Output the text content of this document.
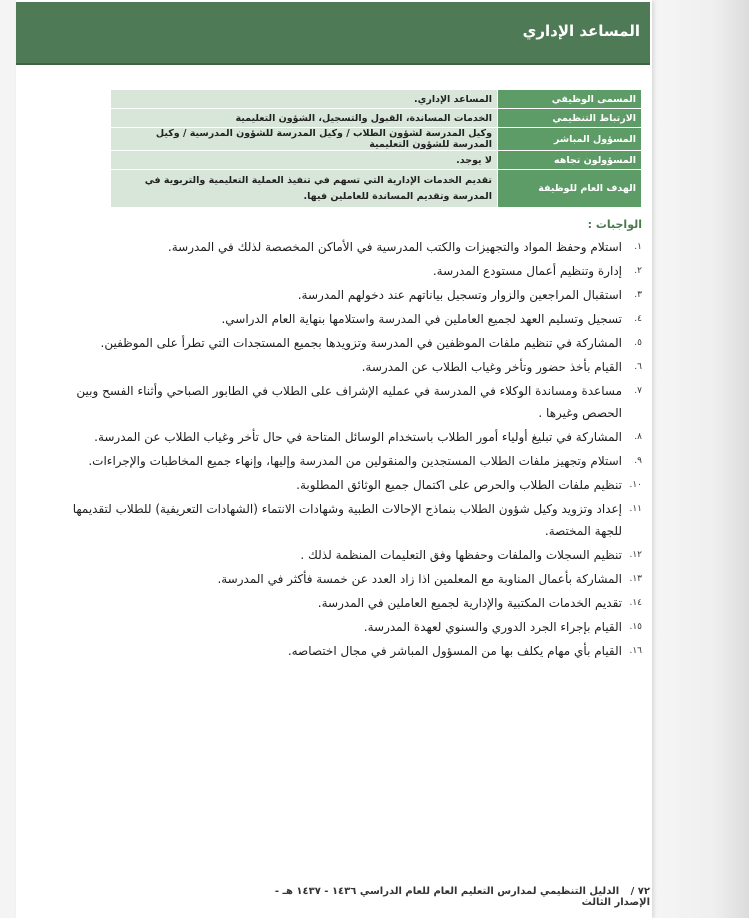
المساعد الإداري
المسمى الوظيفي	المساعد الإداري.
الارتباط التنظيمي	الخدمات المساندة، القبول والتسجيل، الشؤون التعليمية
المسؤول المباشر	وكيل المدرسة لشؤون الطلاب / وكيل المدرسة للشؤون المدرسية / وكيل المدرسة للشؤون التعليمية
المسؤولون تجاهه	لا يوجد.
الهدف العام للوظيفة	تقديم الخدمات الإدارية التي تسهم في تنفيذ العملية التعليمية والتربوية في المدرسة وتقديم المساندة للعاملين فيها.
الواجبات :
١.
استلام وحفظ المواد والتجهيزات والكتب المدرسية في الأماكن المخصصة لذلك في المدرسة.
٢.
إدارة وتنظيم أعمال مستودع المدرسة.
٣.
استقبال المراجعين والزوار وتسجيل بياناتهم عند دخولهم المدرسة.
٤.
تسجيل وتسليم العهد لجميع العاملين في المدرسة واستلامها بنهاية العام الدراسي.
٥.
المشاركة في تنظيم ملفات الموظفين في المدرسة وتزويدها بجميع المستجدات التي تطرأ على الموظفين.
٦.
القيام بأخذ حضور وتأخر وغياب الطلاب عن المدرسة.
٧.
مساعدة ومساندة الوكلاء في المدرسة في عمليه الإشراف على الطلاب في الطابور الصباحي وأثناء الفسح وبين الحصص وغيرها .
٨.
المشاركة في تبليغ أولياء أمور الطلاب باستخدام الوسائل المتاحة في حال تأخر وغياب الطلاب عن المدرسة.
٩.
استلام وتجهيز ملفات الطلاب المستجدين والمنقولين من المدرسة وإليها، وإنهاء جميع المخاطبات والإجراءات.
١٠.
تنظيم ملفات الطلاب والحرص على اكتمال جميع الوثائق المطلوبة.
١١.
إعداد وتزويد وكيل شؤون الطلاب بنماذج الإحالات الطبية وشهادات الانتماء (الشهادات التعريفية) للطلاب لتقديمها للجهة المختصة.
١٢.
تنظيم السجلات والملفات وحفظها وفق التعليمات المنظمة لذلك .
١٣.
المشاركة بأعمال المناوبة مع المعلمين اذا زاد العدد عن خمسة فأكثر في المدرسة.
١٤.
تقديم الخدمات المكتبية والإدارية لجميع العاملين في المدرسة.
١٥.
القيام بإجراء الجرد الدوري والسنوي لعهدة المدرسة.
١٦.
القيام بأي مهام يكلف بها من المسؤول المباشر في مجال اختصاصه.
٧٢ / الدليل التنظيمي لمدارس التعليم العام للعام الدراسي ١٤٣٦ - ١٤٣٧ هـ - الإصدار الثالث
